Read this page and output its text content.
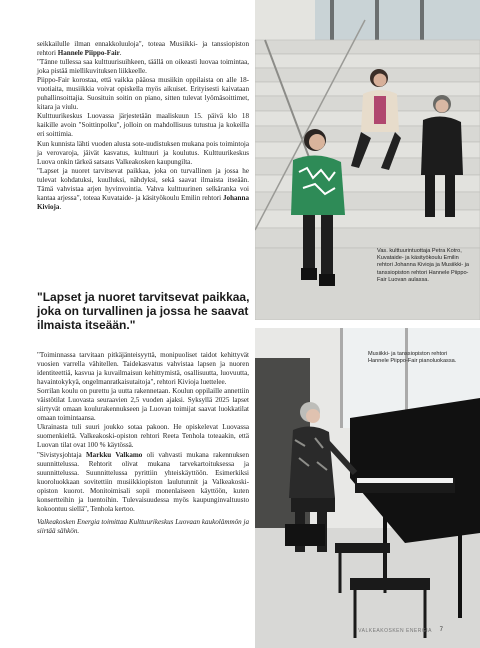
seikkailulle ilman ennakkoluuloja", toteaa Musiikki- ja tanssiopiston rehtori Hannele Piippo-Fair.

"Tänne tullessa saa kulttuurisuihkeen, täällä on oikeasti luovaa toimintaa, joka pistää miellikuvituksen liikkeelle.

Piippo-Fair korostaa, että vaikka pääosa musiikin oppilaista on alle 18-vuotiaita, musiikkia voivat opiskella myös aikuiset. Erityisesti kaivataan puhallinsoittajia. Suosituin soitin on piano, sitten tulevat lyömäsoittimet, kitara ja viulu.

Kulttuurikeskus Luovassa järjestetään maaliskuun 15. päivä klo 18 kaikille avoin "Soittinpolku", jolloin on mahdollisuus tutustua ja kokeilla eri soittimia.

Kun kunnista lähti vuoden alusta sote-uudistuksen mukana pois toimintoja ja verovaroja, jäivät kasvatus, kulttuuri ja koulutus. Kulttuurikeskus Luova onkin tärkeä satsaus Valkeakosken kaupungilta.

"Lapset ja nuoret tarvitsevat paikkaa, joka on turvallinen ja jossa he tulevat kohdatuksi, kuulluksi, nähdyksi, sekä saavat ilmaista itseään. Tämä vahvistaa arjen hyvinvointia. Vahva kulttuurinen selkäranka voi kantaa arjessa", toteaa Kuvataide- ja käsityökoulu Emilin rehtori Johanna Kivioja.

"Lapset ja nuoret tarvitsevat paikkaa, joka on turvallinen ja jossa he saavat ilmaista itseään."

"Toiminnassa tarvitaan pitkäjänteisyyttä, monipuoliset taidot kehittyvät vuosien varrella vähitellen. Taidekasvatus vahvistaa lapsen ja nuoren identiteettiä, kasvua ja kuvailmaisun kehittymistä, osallisuutta, luovuutta, havaintokykyä, ongelmanratkaisutaitoja", rehtori Kivioja luettelee.

Sorrilan koulu on purettu ja uutta rakennetaan. Koulun oppilaille annettiin väistötilat Luovasta seuraavien 2,5 vuoden ajaksi. Syksyllä 2025 lapset siirtyvät omaan koulurakennukseen ja Luovan toimijat saavat luokkatilat omaan toimintaansa.

Ukrainasta tuli suuri joukko sotaa pakoon. He opiskelevat Luovassa suomenkieltä. Valkeakoski-opiston rehtori Reeta Tenhola toteaakin, että Luovan tilat ovat 100 % käytössä.

"Sivistysjohtaja Markku Valkamo oli vahvasti mukana rakennuksen suunnittelussa. Rehtorit olivat mukana tarvekartoituksessa ja suunnittelussa. Suunnittelussa pyrittiin yhteiskäyttöön. Esimerkiksi kuoroluokkaan sovitettiin musiikkiopiston laulutunnit ja Valkeakoski-opiston kuorot. Monitoimisali sopii monenlaiseen käyttöön, kuten konsertteihin ja luentoihin. Tulevaisuudessa myös kaupunginvaltuusto kokoontuu siellä", Tenhola kertoo.

Valkeakosken Energia toimittaa Kulttuurikeskus Luovaan kaukolämmön ja siirtää sähkön.

Vas. kulttuurintuottaja Petra Kotro, Kuvataide- ja käsityökoulu Emilin rehtori Johanna Kivioja ja Musiikki- ja tanssiopiston rehtori Hannele Piippo-Fair Luovan aulassa.
Musiikki- ja tanssiopiston rehtori Hannele Piippo-Fair pianoluokassa.
VALKEAKOSKEN ENERGIA 7
